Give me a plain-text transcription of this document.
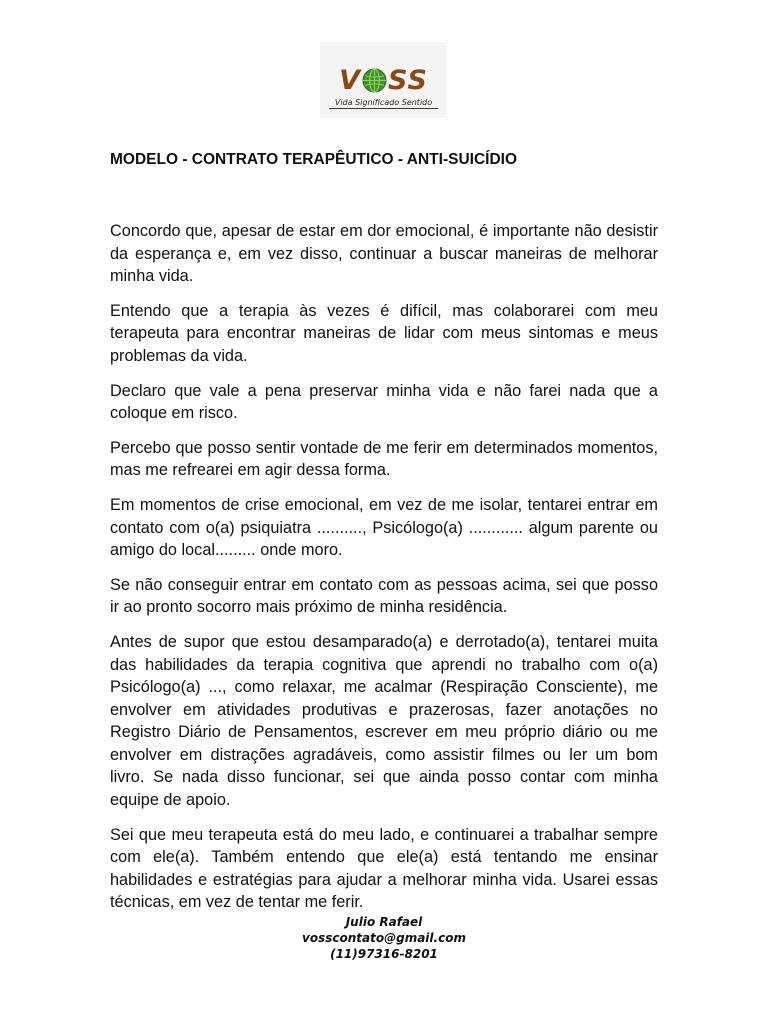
V SS
Vida Significado Sentido
MODELO - CONTRATO TERAPÊUTICO - ANTI-SUICÍDIO

Concordo que, apesar de estar em dor emocional, é importante não desistir da esperança e, em vez disso, continuar a buscar maneiras de melhorar minha vida.

Entendo que a terapia às vezes é difícil, mas colaborarei com meu terapeuta para encontrar maneiras de lidar com meus sintomas e meus problemas da vida.

Declaro que vale a pena preservar minha vida e não farei nada que a coloque em risco.

Percebo que posso sentir vontade de me ferir em determinados momentos, mas me refrearei em agir dessa forma.

Em momentos de crise emocional, em vez de me isolar, tentarei entrar em contato com o(a) psiquiatra .........., Psicólogo(a) ............ algum parente ou amigo do local......... onde moro.

Se não conseguir entrar em contato com as pessoas acima, sei que posso ir ao pronto socorro mais próximo de minha residência.

Antes de supor que estou desamparado(a) e derrotado(a), tentarei muita das habilidades da terapia cognitiva que aprendi no trabalho com o(a) Psicólogo(a) ..., como relaxar, me acalmar (Respiração Consciente), me envolver em atividades produtivas e prazerosas, fazer anotações no Registro Diário de Pensamentos, escrever em meu próprio diário ou me envolver em distrações agradáveis, como assistir filmes ou ler um bom livro. Se nada disso funcionar, sei que ainda posso contar com minha equipe de apoio.

Sei que meu terapeuta está do meu lado, e continuarei a trabalhar sempre com ele(a). Também entendo que ele(a) está tentando me ensinar habilidades e estratégias para ajudar a melhorar minha vida. Usarei essas técnicas, em vez de tentar me ferir.

Julio Rafael
vosscontato@gmail.com
(11)97316-8201
